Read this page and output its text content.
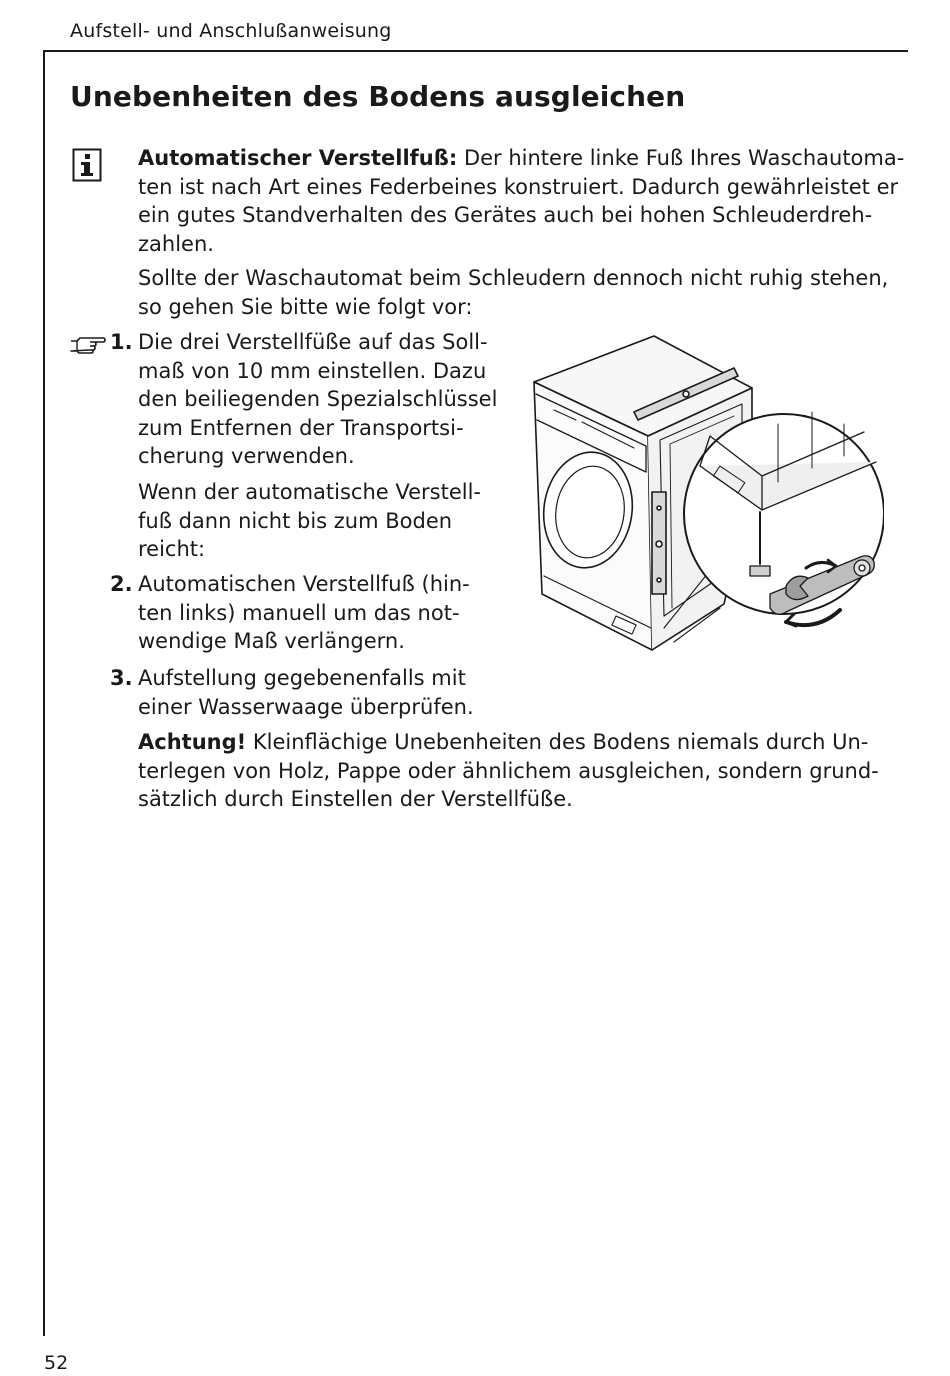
Aufstell- und Anschlußanweisung
Unebenheiten des Bodens ausgleichen

Automatischer Verstellfuß: Der hintere linke Fuß Ihres Waschautoma-
ten ist nach Art eines Federbeines konstruiert. Dadurch gewährleistet er
ein gutes Standverhalten des Gerätes auch bei hohen Schleuderdreh-
zahlen.

Sollte der Waschautomat beim Schleudern dennoch nicht ruhig stehen,
so gehen Sie bitte wie folgt vor:

1. Die drei Verstellfüße auf das Soll-
maß von 10 mm einstellen. Dazu
den beiliegenden Spezialschlüssel
zum Entfernen der Transportsi-
cherung verwenden.

Wenn der automatische Verstell-
fuß dann nicht bis zum Boden
reicht:

2. Automatischen Verstellfuß (hin-
ten links) manuell um das not-
wendige Maß verlängern.

3. Aufstellung gegebenenfalls mit
einer Wasserwaage überprüfen.

Achtung! Kleinflächige Unebenheiten des Bodens niemals durch Un-
terlegen von Holz, Pappe oder ähnlichem ausgleichen, sondern grund-
sätzlich durch Einstellen der Verstellfüße.

52
